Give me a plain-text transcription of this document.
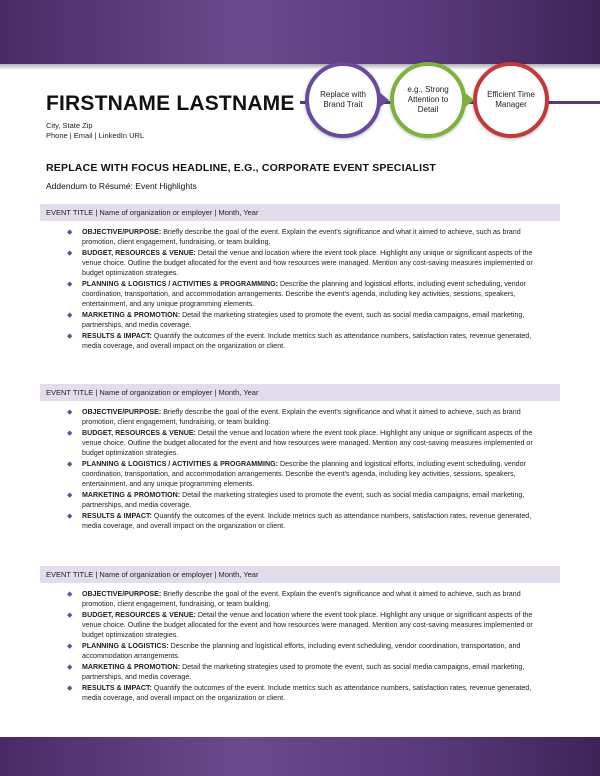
FIRSTNAME LASTNAME
City, State Zip
Phone | Email | LinkedIn URL
Replace with Brand Trait
e.g., Strong Attention to Detail
Efficient Time Manager
REPLACE WITH FOCUS HEADLINE, E.G., CORPORATE EVENT SPECIALIST
Addendum to Résumé: Event Highlights
EVENT TITLE | Name of organization or employer | Month, Year
◆ OBJECTIVE/PURPOSE: Briefly describe the goal of the event. Explain the event's significance and what it aimed to achieve, such as brand promotion, client engagement, fundraising, or team building.
◆ BUDGET, RESOURCES & VENUE: Detail the venue and location where the event took place. Highlight any unique or significant aspects of the venue choice. Outline the budget allocated for the event and how resources were managed. Mention any cost-saving measures implemented or budget optimization strategies.
◆ PLANNING & LOGISTICS / ACTIVITIES & PROGRAMMING: Describe the planning and logistical efforts, including event scheduling, vendor coordination, transportation, and accommodation arrangements. Describe the event's agenda, including key activities, sessions, speakers, entertainment, and any unique programming elements.
◆ MARKETING & PROMOTION: Detail the marketing strategies used to promote the event, such as social media campaigns, email marketing, partnerships, and media coverage.
◆ RESULTS & IMPACT: Quantify the outcomes of the event. Include metrics such as attendance numbers, satisfaction rates, revenue generated, media coverage, and overall impact on the organization or client.
EVENT TITLE | Name of organization or employer | Month, Year
◆ OBJECTIVE/PURPOSE: Briefly describe the goal of the event. Explain the event's significance and what it aimed to achieve, such as brand promotion, client engagement, fundraising, or team building.
◆ BUDGET, RESOURCES & VENUE: Detail the venue and location where the event took place. Highlight any unique or significant aspects of the venue choice. Outline the budget allocated for the event and how resources were managed. Mention any cost-saving measures implemented or budget optimization strategies.
◆ PLANNING & LOGISTICS / ACTIVITIES & PROGRAMMING: Describe the planning and logistical efforts, including event scheduling, vendor coordination, transportation, and accommodation arrangements. Describe the event's agenda, including key activities, sessions, speakers, entertainment, and any unique programming elements.
◆ MARKETING & PROMOTION: Detail the marketing strategies used to promote the event, such as social media campaigns, email marketing, partnerships, and media coverage.
◆ RESULTS & IMPACT: Quantify the outcomes of the event. Include metrics such as attendance numbers, satisfaction rates, revenue generated, media coverage, and overall impact on the organization or client.
EVENT TITLE | Name of organization or employer | Month, Year
◆ OBJECTIVE/PURPOSE: Briefly describe the goal of the event. Explain the event's significance and what it aimed to achieve, such as brand promotion, client engagement, fundraising, or team building.
◆ BUDGET, RESOURCES & VENUE: Detail the venue and location where the event took place. Highlight any unique or significant aspects of the venue choice. Outline the budget allocated for the event and how resources were managed. Mention any cost-saving measures implemented or budget optimization strategies.
◆ PLANNING & LOGISTICS: Describe the planning and logistical efforts, including event scheduling, vendor coordination, transportation, and accommodation arrangements.
◆ MARKETING & PROMOTION: Detail the marketing strategies used to promote the event, such as social media campaigns, email marketing, partnerships, and media coverage.
◆ RESULTS & IMPACT: Quantify the outcomes of the event. Include metrics such as attendance numbers, satisfaction rates, revenue generated, media coverage, and overall impact on the organization or client.
